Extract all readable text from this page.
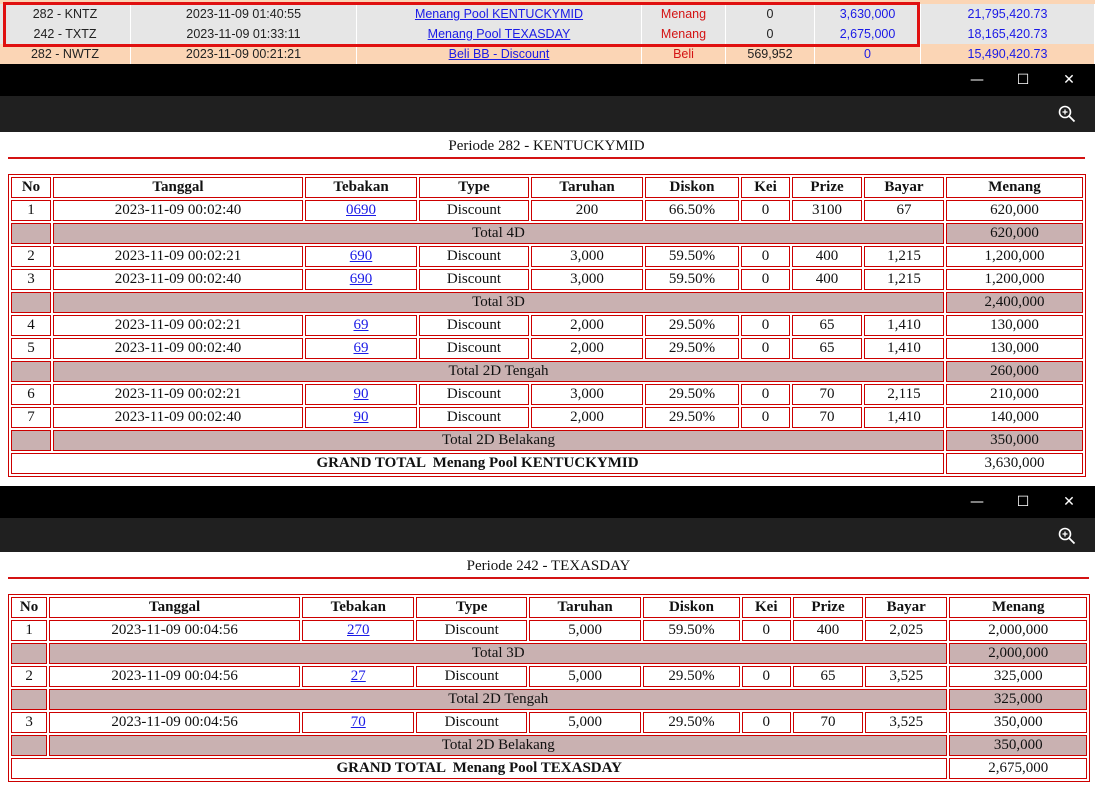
282 - KNTZ	2023-11-09 01:40:55	Menang Pool KENTUCKYMID	Menang	0	3,630,000	21,795,420.73
242 - TXTZ	2023-11-09 01:33:11	Menang Pool TEXASDAY	Menang	0	2,675,000	18,165,420.73
282 - NWTZ	2023-11-09 00:21:21	Beli BB - Discount	Beli	569,952	0	15,490,420.73
—	☐	✕
Periode 282 - KENTUCKYMID
No	Tanggal	Tebakan	Type	Taruhan	Diskon	Kei	Prize	Bayar	Menang
1	2023-11-09 00:02:40	0690	Discount	200	66.50%	0	3100	67	620,000
	Total 4D								620,000
2	2023-11-09 00:02:21	690	Discount	3,000	59.50%	0	400	1,215	1,200,000
3	2023-11-09 00:02:40	690	Discount	3,000	59.50%	0	400	1,215	1,200,000
	Total 3D								2,400,000
4	2023-11-09 00:02:21	69	Discount	2,000	29.50%	0	65	1,410	130,000
5	2023-11-09 00:02:40	69	Discount	2,000	29.50%	0	65	1,410	130,000
	Total 2D Tengah								260,000
6	2023-11-09 00:02:21	90	Discount	3,000	29.50%	0	70	2,115	210,000
7	2023-11-09 00:02:40	90	Discount	2,000	29.50%	0	70	1,410	140,000
	Total 2D Belakang								350,000
GRAND TOTAL  Menang Pool KENTUCKYMID									3,630,000
—	☐	✕
Periode 242 - TEXASDAY
No	Tanggal	Tebakan	Type	Taruhan	Diskon	Kei	Prize	Bayar	Menang
1	2023-11-09 00:04:56	270	Discount	5,000	59.50%	0	400	2,025	2,000,000
	Total 3D								2,000,000
2	2023-11-09 00:04:56	27	Discount	5,000	29.50%	0	65	3,525	325,000
	Total 2D Tengah								325,000
3	2023-11-09 00:04:56	70	Discount	5,000	29.50%	0	70	3,525	350,000
	Total 2D Belakang								350,000
GRAND TOTAL  Menang Pool TEXASDAY									2,675,000
